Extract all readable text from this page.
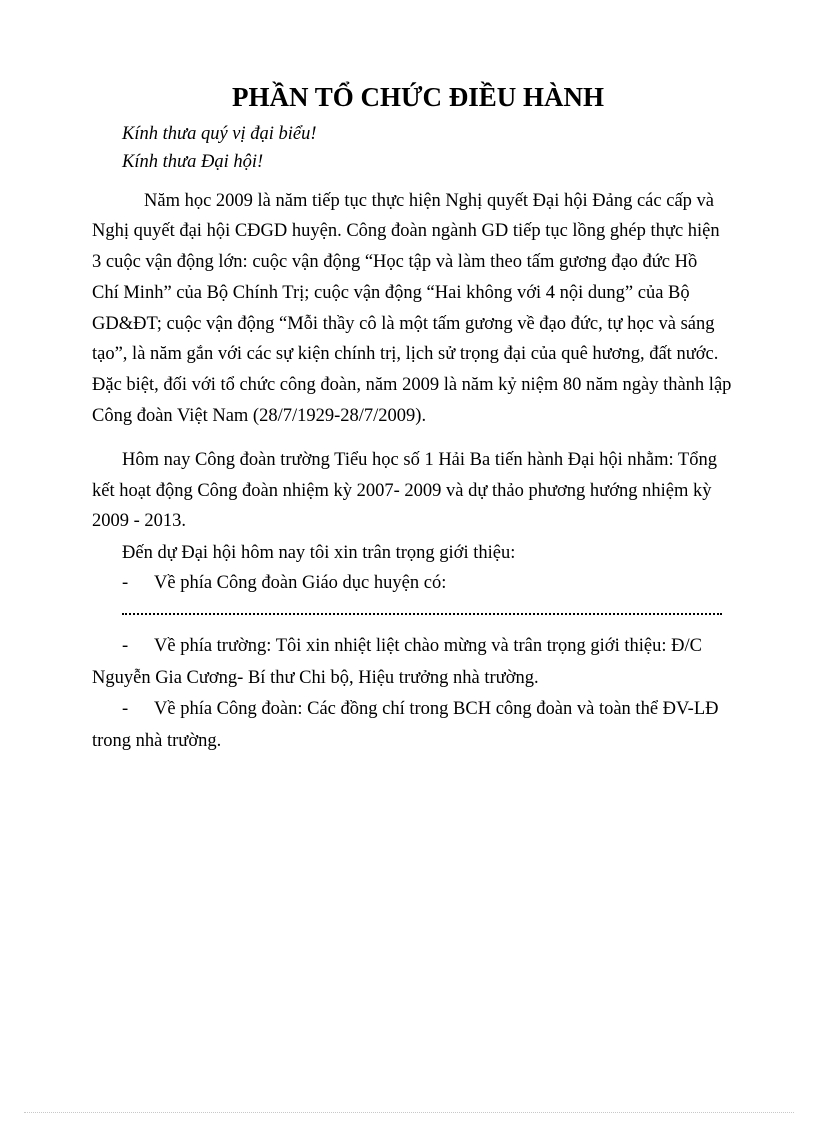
PHẦN TỔ CHỨC ĐIỀU HÀNH

Kính thưa quý vị đại biểu!

Kính thưa Đại hội!

Năm học 2009 là năm tiếp tục thực hiện Nghị quyết Đại hội Đảng các cấp và

Nghị quyết đại hội CĐGD huyện. Công đoàn ngành GD tiếp tục lồng ghép thực hiện

3 cuộc vận động lớn: cuộc vận động “Học tập và làm theo tấm gương đạo đức Hồ

Chí Minh” của Bộ Chính Trị; cuộc vận động “Hai không với 4 nội dung” của Bộ

GD&ĐT; cuộc vận động “Mỗi thầy cô là một tấm gương về đạo đức, tự học và sáng

tạo”, là năm gắn với các sự kiện chính trị, lịch sử trọng đại của quê hương, đất nước.

Đặc biệt, đối với tổ chức công đoàn, năm 2009 là năm kỷ niệm 80 năm ngày thành lập

Công đoàn Việt Nam (28/7/1929-28/7/2009).

Hôm nay Công đoàn trường Tiểu học số 1 Hải Ba tiến hành Đại hội nhằm: Tổng

kết hoạt động Công đoàn nhiệm kỳ 2007- 2009 và dự thảo phương hướng nhiệm kỳ

2009 - 2013.

Đến dự Đại hội hôm nay tôi xin trân trọng giới thiệu:

- Về phía Công đoàn Giáo dục huyện có:

- Về phía trường: Tôi xin nhiệt liệt chào mừng và trân trọng giới thiệu: Đ/C

Nguyễn Gia Cương- Bí thư Chi bộ, Hiệu trưởng nhà trường.

- Về phía Công đoàn: Các đồng chí trong BCH công đoàn và toàn thể ĐV-LĐ

trong nhà trường.
